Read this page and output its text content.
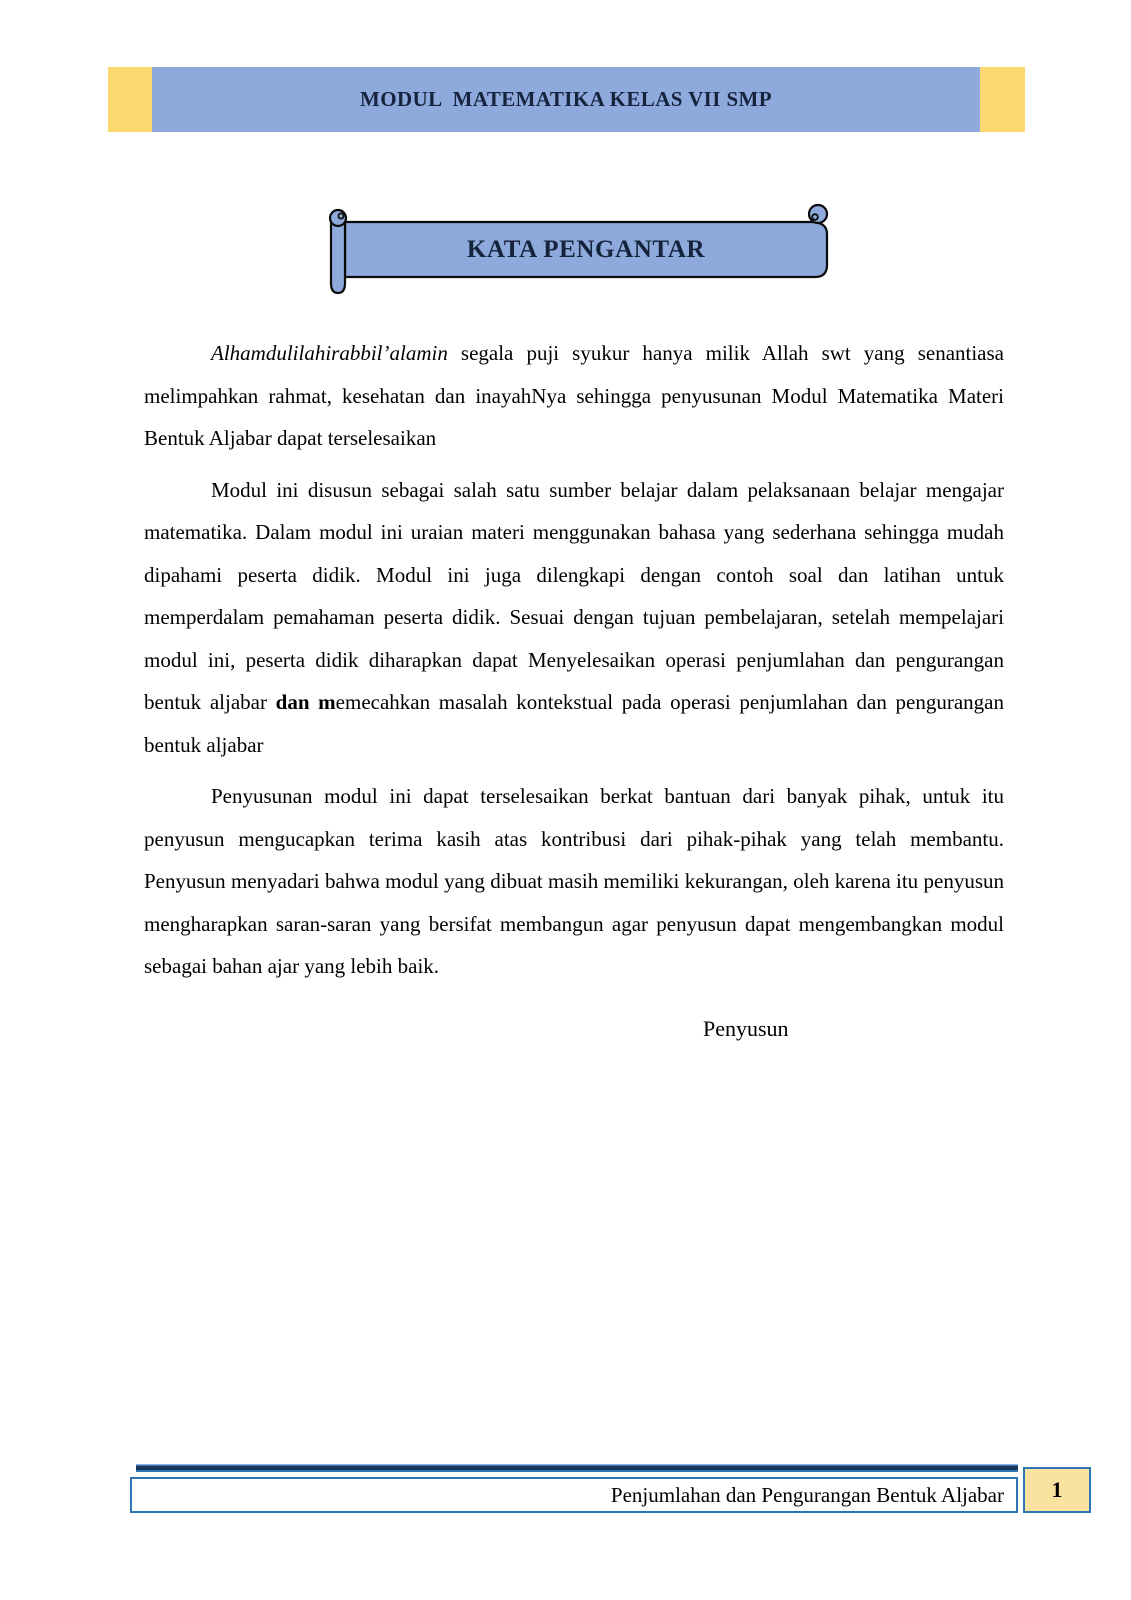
MODUL  MATEMATIKA KELAS VII SMP
KATA PENGANTAR

Alhamdulilahirabbil’alamin segala puji syukur hanya milik Allah swt yang senantiasa melimpahkan rahmat, kesehatan dan inayahNya sehingga penyusunan Modul Matematika Materi Bentuk Aljabar dapat terselesaikan

Modul ini disusun sebagai salah satu sumber belajar dalam pelaksanaan belajar mengajar matematika. Dalam modul ini uraian materi menggunakan bahasa yang sederhana sehingga mudah dipahami peserta didik. Modul ini juga dilengkapi dengan contoh soal dan latihan untuk memperdalam pemahaman peserta didik. Sesuai dengan tujuan pembelajaran, setelah mempelajari modul ini, peserta didik diharapkan dapat Menyelesaikan operasi penjumlahan dan pengurangan bentuk aljabar dan memecahkan masalah kontekstual pada operasi penjumlahan dan pengurangan bentuk aljabar

Penyusunan modul ini dapat terselesaikan berkat bantuan dari banyak pihak, untuk itu penyusun mengucapkan terima kasih atas kontribusi dari pihak-pihak yang telah membantu. Penyusun menyadari bahwa modul yang dibuat masih memiliki kekurangan, oleh karena itu penyusun mengharapkan saran-saran yang bersifat membangun agar penyusun dapat mengembangkan modul sebagai bahan ajar yang lebih baik.

Penyusun
Penjumlahan dan Pengurangan Bentuk Aljabar 1
